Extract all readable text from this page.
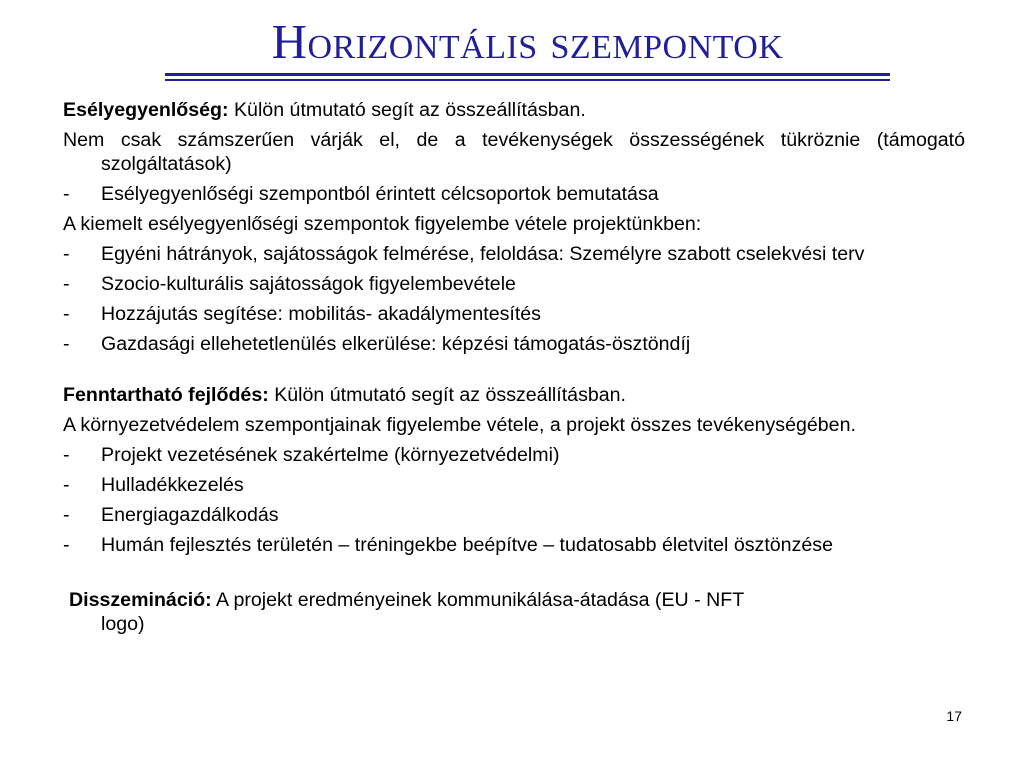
Horizontális szempontok
Esélyegyenlőség: Külön útmutató segít az összeállításban.
Nem csak számszerűen várják el, de a tevékenységek összességének tükröznie (támogató szolgáltatások)
- Esélyegyenlőségi szempontból érintett célcsoportok bemutatása
A kiemelt esélyegyenlőségi szempontok figyelembe vétele projektünkben:
- Egyéni hátrányok, sajátosságok felmérése, feloldása: Személyre szabott cselekvési terv
- Szocio-kulturális sajátosságok figyelembevétele
- Hozzájutás segítése: mobilitás- akadálymentesítés
- Gazdasági ellehetetlenülés elkerülése: képzési támogatás-ösztöndíj
Fenntartható fejlődés: Külön útmutató segít az összeállításban.
A környezetvédelem szempontjainak figyelembe vétele, a projekt összes tevékenységében.
- Projekt vezetésének szakértelme (környezetvédelmi)
- Hulladékkezelés
- Energiagazdálkodás
- Humán fejlesztés területén – tréningekbe beépítve – tudatosabb életvitel ösztönzése
Disszemináció: A projekt eredményeinek kommunikálása-átadása (EU - NFT
logo)
17
